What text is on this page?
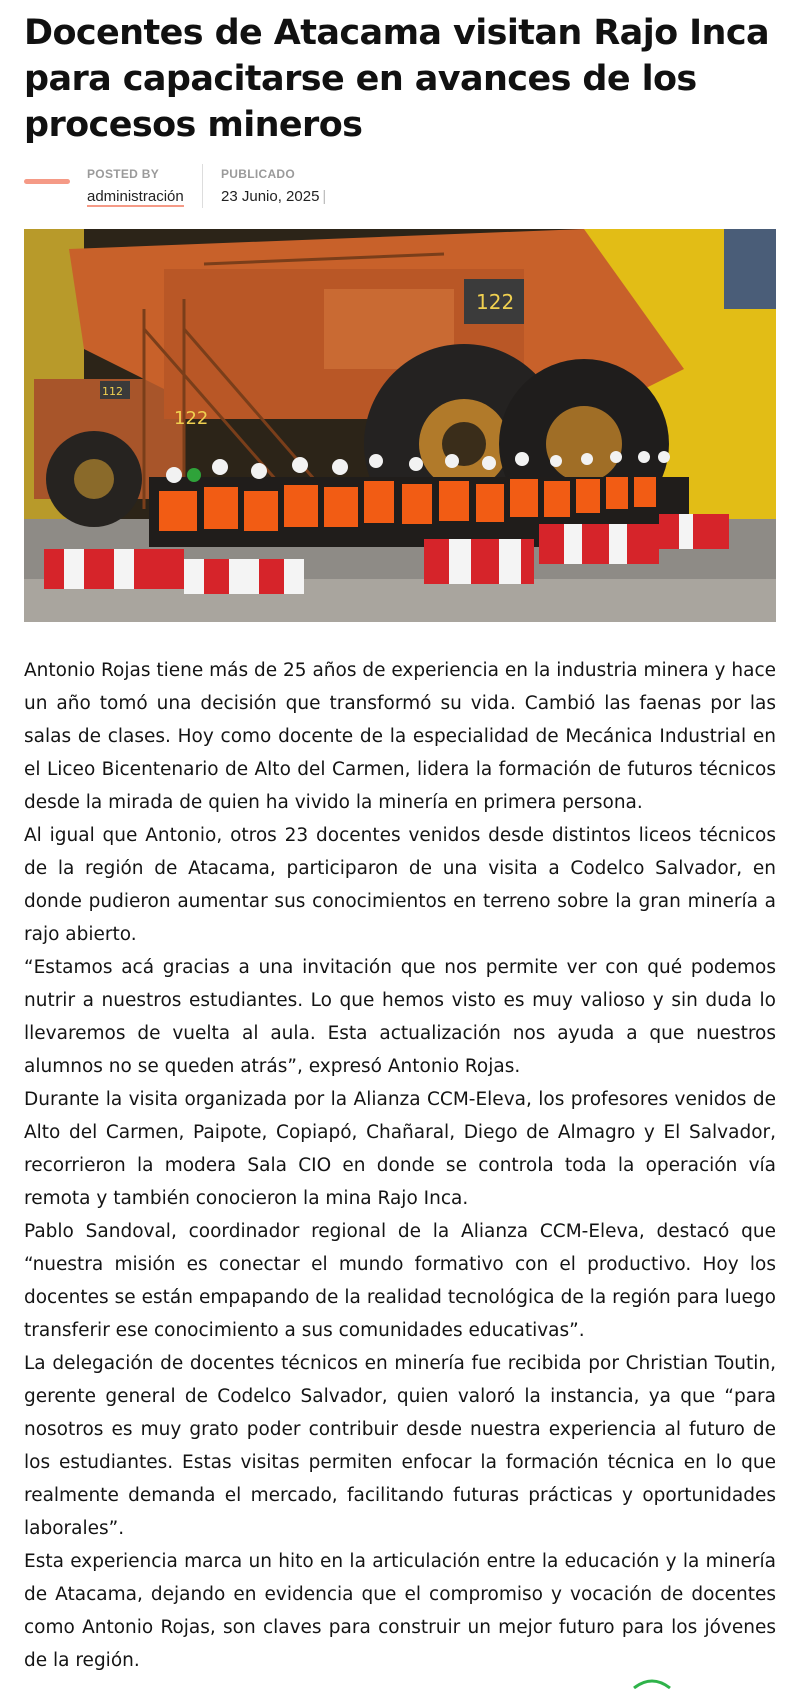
Docentes de Atacama visitan Rajo Inca para capacitarse en avances de los procesos mineros
POSTED BY
administración
PUBLICADO
23 Junio, 2025 |
112
122
122

Antonio Rojas tiene más de 25 años de experiencia en la industria minera y hace un año tomó una decisión que transformó su vida. Cambió las faenas por las salas de clases. Hoy como docente de la especialidad de Mecánica Industrial en el Liceo Bicentenario de Alto del Carmen, lidera la formación de futuros técnicos desde la mirada de quien ha vivido la minería en primera persona.

Al igual que Antonio, otros 23 docentes venidos desde distintos liceos técnicos de la región de Atacama, participaron de una visita a Codelco Salvador, en donde pudieron aumentar sus conocimientos en terreno sobre la gran minería a rajo abierto.

“Estamos acá gracias a una invitación que nos permite ver con qué podemos nutrir a nuestros estudiantes. Lo que hemos visto es muy valioso y sin duda lo llevaremos de vuelta al aula. Esta actualización nos ayuda a que nuestros alumnos no se queden atrás”, expresó Antonio Rojas.

Durante la visita organizada por la Alianza CCM-Eleva, los profesores venidos de Alto del Carmen, Paipote, Copiapó, Chañaral, Diego de Almagro y El Salvador, recorrieron la modera Sala CIO en donde se controla toda la operación vía remota y también conocieron la mina Rajo Inca.

Pablo Sandoval, coordinador regional de la Alianza CCM-Eleva, destacó que “nuestra misión es conectar el mundo formativo con el productivo. Hoy los docentes se están empapando de la realidad tecnológica de la región para luego transferir ese conocimiento a sus comunidades educativas”.

La delegación de docentes técnicos en minería fue recibida por Christian Toutin, gerente general de Codelco Salvador, quien valoró la instancia, ya que “para nosotros es muy grato poder contribuir desde nuestra experiencia al futuro de los estudiantes. Estas visitas permiten enfocar la formación técnica en lo que realmente demanda el mercado, facilitando futuras prácticas y oportunidades laborales”.

Esta experiencia marca un hito en la articulación entre la educación y la minería de Atacama, dejando en evidencia que el compromiso y vocación de docentes como Antonio Rojas, son claves para construir un mejor futuro para los jóvenes de la región.
